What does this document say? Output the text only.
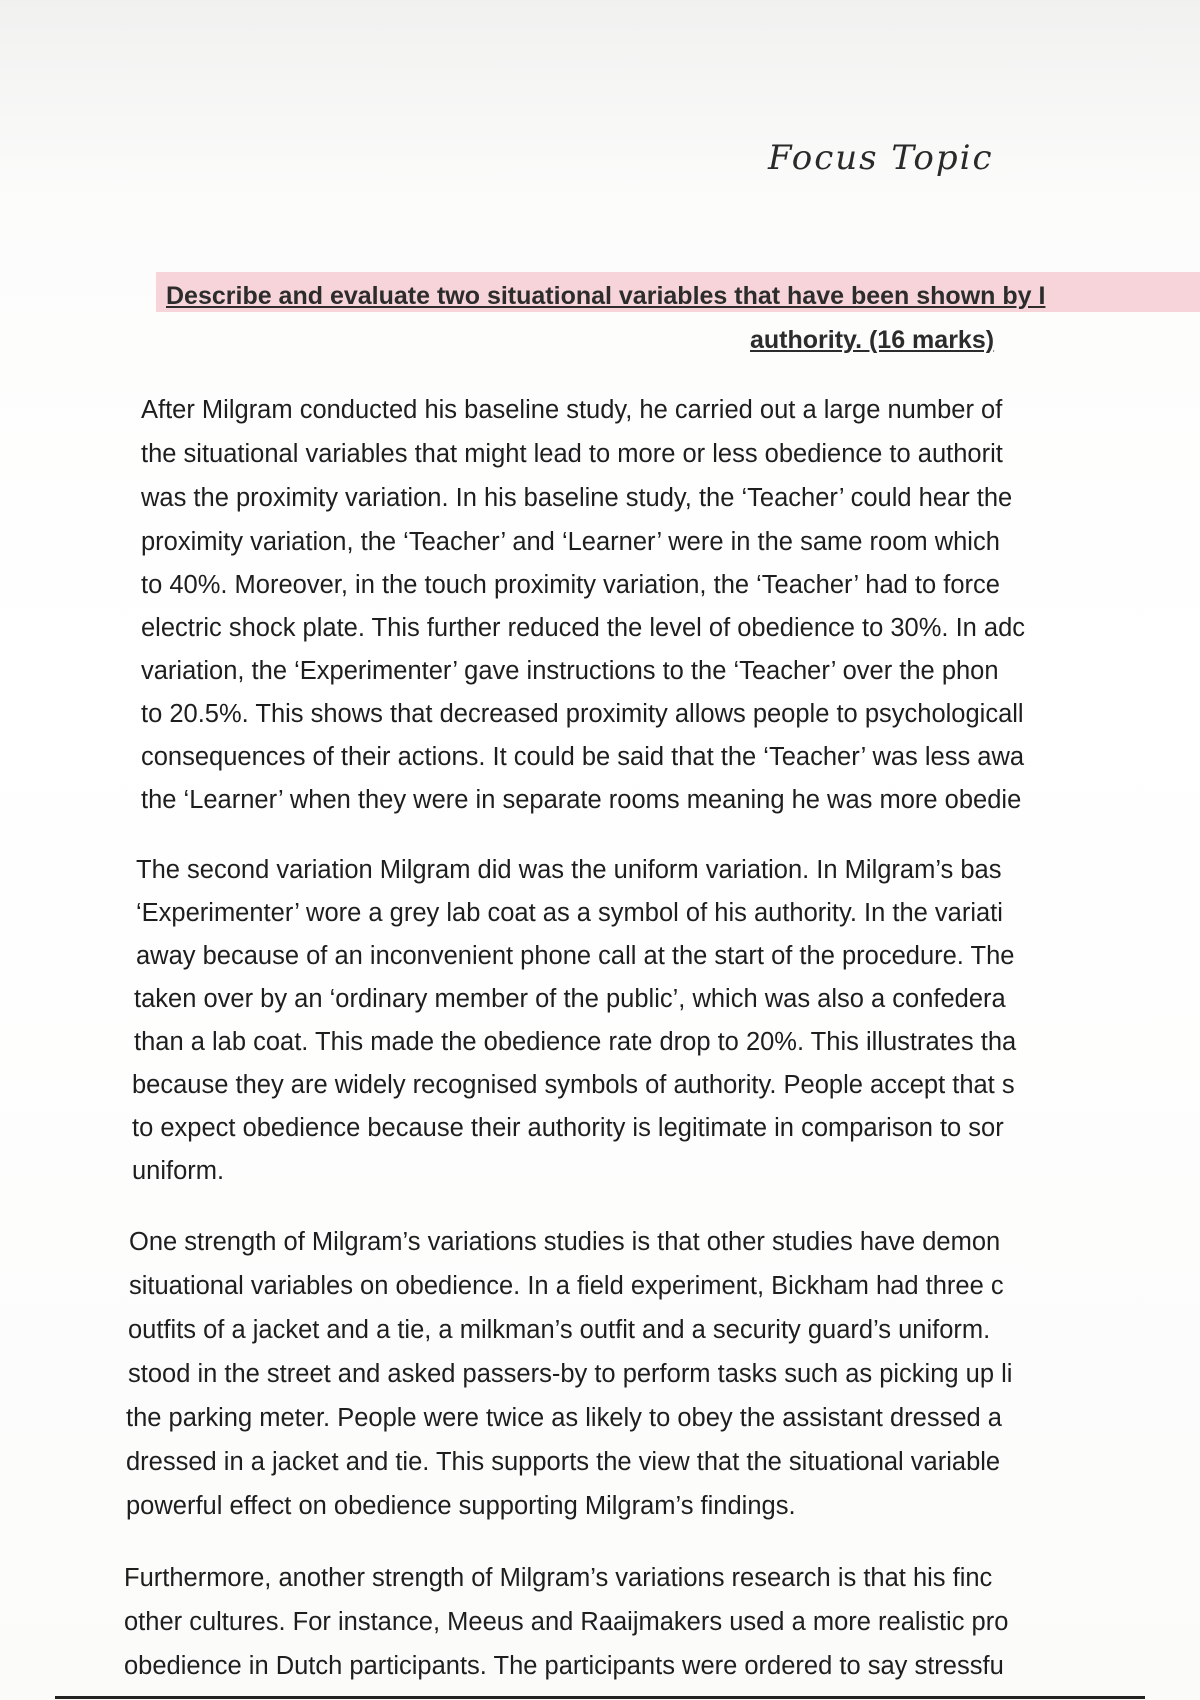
Focus Topic
Describe and evaluate two situational variables that have been shown by I
authority. (16 marks)
After Milgram conducted his baseline study, he carried out a large number of
the situational variables that might lead to more or less obedience to authorit
was the proximity variation. In his baseline study, the ‘Teacher’ could hear the
proximity variation, the ‘Teacher’ and ‘Learner’ were in the same room which
to 40%. Moreover, in the touch proximity variation, the ‘Teacher’ had to force
electric shock plate. This further reduced the level of obedience to 30%. In adc
variation, the ‘Experimenter’ gave instructions to the ‘Teacher’ over the phon
to 20.5%. This shows that decreased proximity allows people to psychologicall
consequences of their actions. It could be said that the ‘Teacher’ was less awa
the ‘Learner’ when they were in separate rooms meaning he was more obedie
The second variation Milgram did was the uniform variation. In Milgram’s bas
‘Experimenter’ wore a grey lab coat as a symbol of his authority. In the variati
away because of an inconvenient phone call at the start of the procedure. The
taken over by an ‘ordinary member of the public’, which was also a confedera
than a lab coat. This made the obedience rate drop to 20%. This illustrates tha
because they are widely recognised symbols of authority. People accept that s
to expect obedience because their authority is legitimate in comparison to sor
uniform.
One strength of Milgram’s variations studies is that other studies have demon
situational variables on obedience. In a field experiment, Bickham had three c
outfits of a jacket and a tie, a milkman’s outfit and a security guard’s uniform.
stood in the street and asked passers-by to perform tasks such as picking up li
the parking meter. People were twice as likely to obey the assistant dressed a
dressed in a jacket and tie. This supports the view that the situational variable
powerful effect on obedience supporting Milgram’s findings.
Furthermore, another strength of Milgram’s variations research is that his finc
other cultures. For instance, Meeus and Raaijmakers used a more realistic pro
obedience in Dutch participants. The participants were ordered to say stressfu
